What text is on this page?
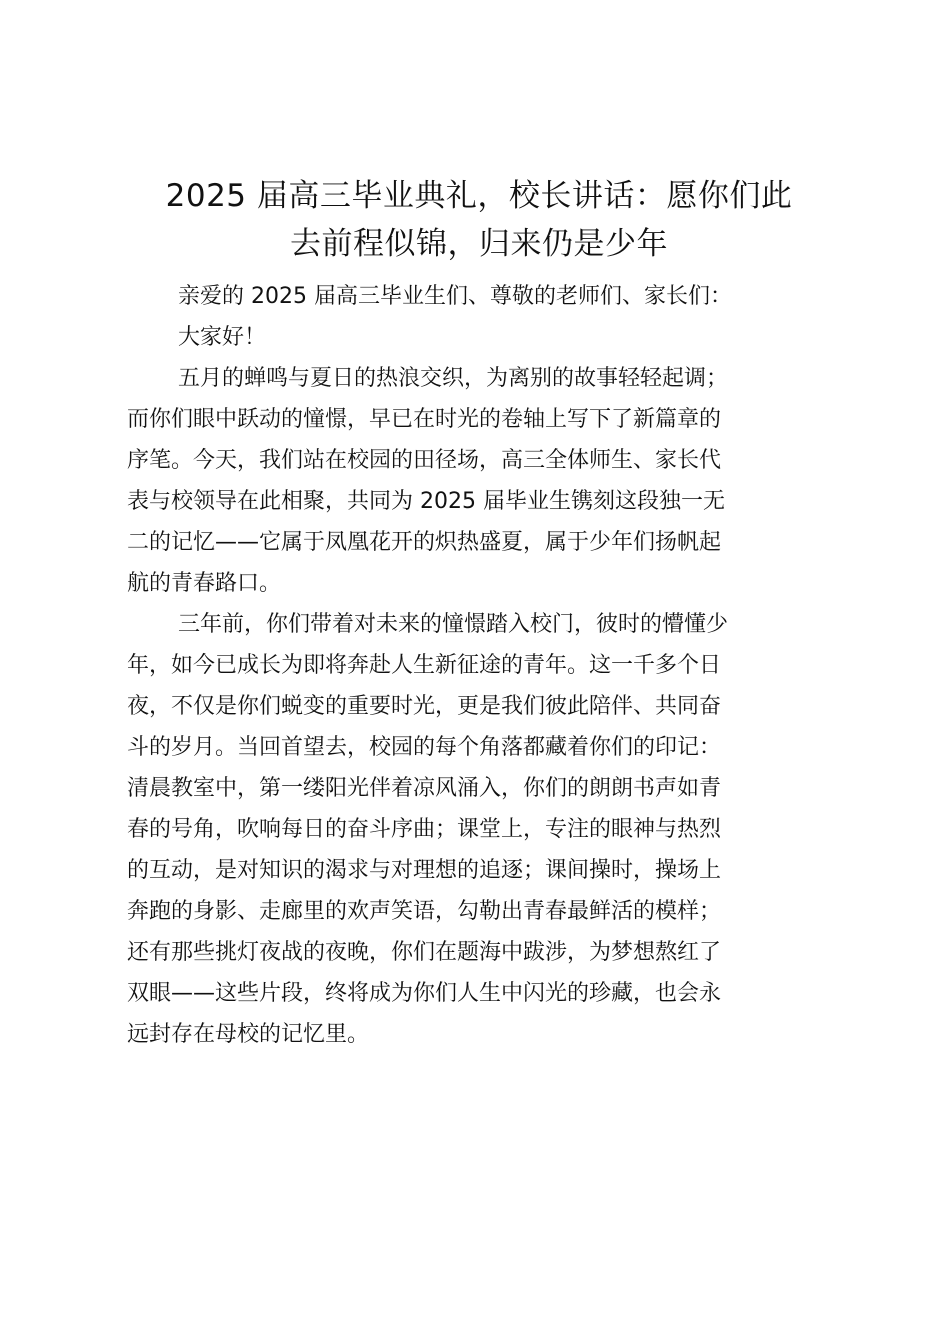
2025 届高三毕业典礼，校长讲话：愿你们此
去前程似锦，归来仍是少年
亲爱的 2025 届高三毕业生们、尊敬的老师们、家长们：
大家好！
五月的蝉鸣与夏日的热浪交织，为离别的故事轻轻起调；
而你们眼中跃动的憧憬，早已在时光的卷轴上写下了新篇章的
序笔。今天，我们站在校园的田径场，高三全体师生、家长代
表与校领导在此相聚，共同为 2025 届毕业生镌刻这段独一无
二的记忆——它属于凤凰花开的炽热盛夏，属于少年们扬帆起
航的青春路口。
三年前，你们带着对未来的憧憬踏入校门，彼时的懵懂少
年，如今已成长为即将奔赴人生新征途的青年。这一千多个日
夜，不仅是你们蜕变的重要时光，更是我们彼此陪伴、共同奋
斗的岁月。当回首望去，校园的每个角落都藏着你们的印记：
清晨教室中，第一缕阳光伴着凉风涌入，你们的朗朗书声如青
春的号角，吹响每日的奋斗序曲；课堂上，专注的眼神与热烈
的互动，是对知识的渴求与对理想的追逐；课间操时，操场上
奔跑的身影、走廊里的欢声笑语，勾勒出青春最鲜活的模样；
还有那些挑灯夜战的夜晚，你们在题海中跋涉，为梦想熬红了
双眼——这些片段，终将成为你们人生中闪光的珍藏，也会永
远封存在母校的记忆里。
